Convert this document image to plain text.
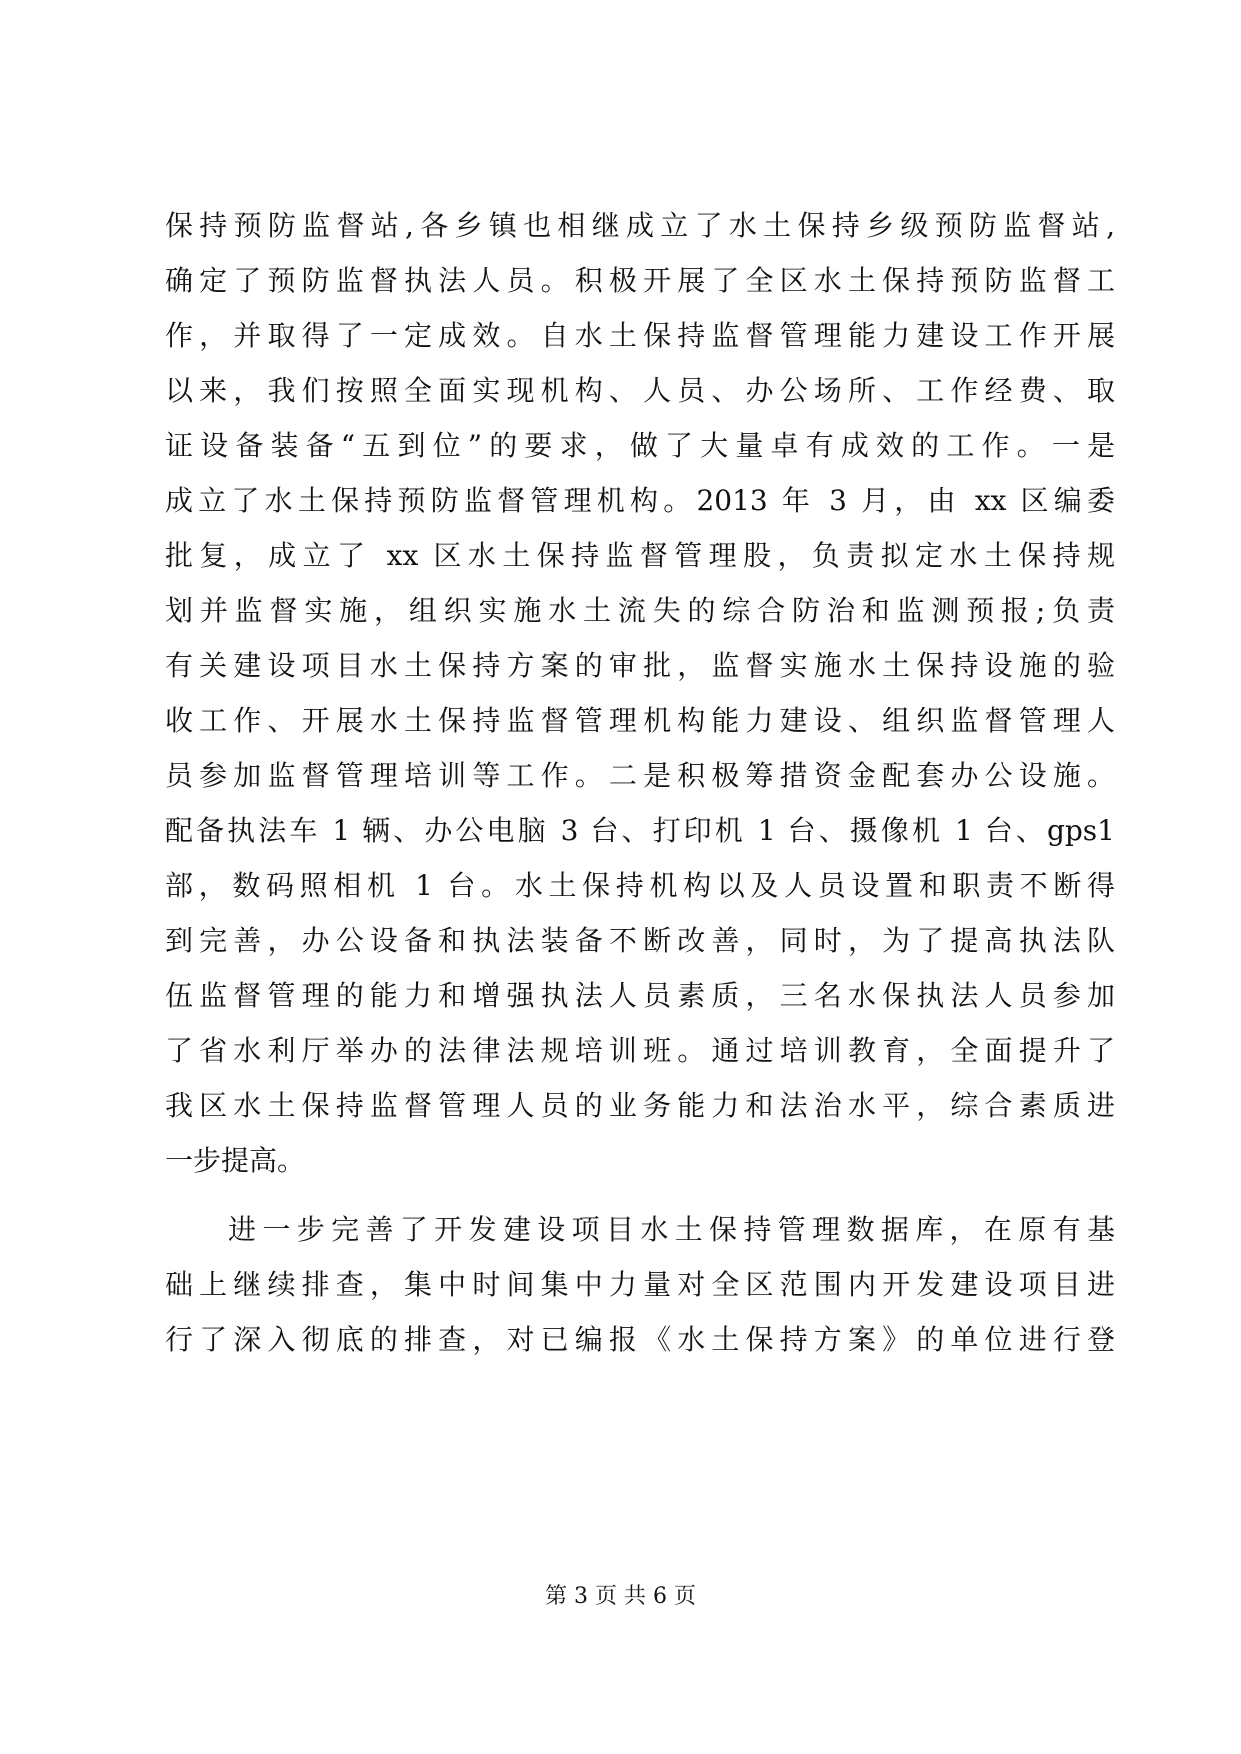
保持预防监督站,各乡镇也相继成立了水土保持乡级预防监督站,
确定了预防监督执法人员。积极开展了全区水土保持预防监督工
作，并取得了一定成效。自水土保持监督管理能力建设工作开展
以来，我们按照全面实现机构、人员、办公场所、工作经费、取
证设备装备“五到位”的要求，做了大量卓有成效的工作。一是
成立了水土保持预防监督管理机构。2013 年 3 月，由 xx 区编委
批复，成立了 xx 区水土保持监督管理股，负责拟定水土保持规
划并监督实施，组织实施水土流失的综合防治和监测预报;负责
有关建设项目水土保持方案的审批，监督实施水土保持设施的验
收工作、开展水土保持监督管理机构能力建设、组织监督管理人
员参加监督管理培训等工作。二是积极筹措资金配套办公设施。
配备执法车 1 辆、办公电脑 3 台、打印机 1 台、摄像机 1 台、gps1
部，数码照相机 1 台。水土保持机构以及人员设置和职责不断得
到完善，办公设备和执法装备不断改善，同时，为了提高执法队
伍监督管理的能力和增强执法人员素质，三名水保执法人员参加
了省水利厅举办的法律法规培训班。通过培训教育，全面提升了
我区水土保持监督管理人员的业务能力和法治水平，综合素质进
一步提高。
进一步完善了开发建设项目水土保持管理数据库，在原有基
础上继续排查，集中时间集中力量对全区范围内开发建设项目进
行了深入彻底的排查，对已编报《水土保持方案》的单位进行登
第 3 页 共 6 页
